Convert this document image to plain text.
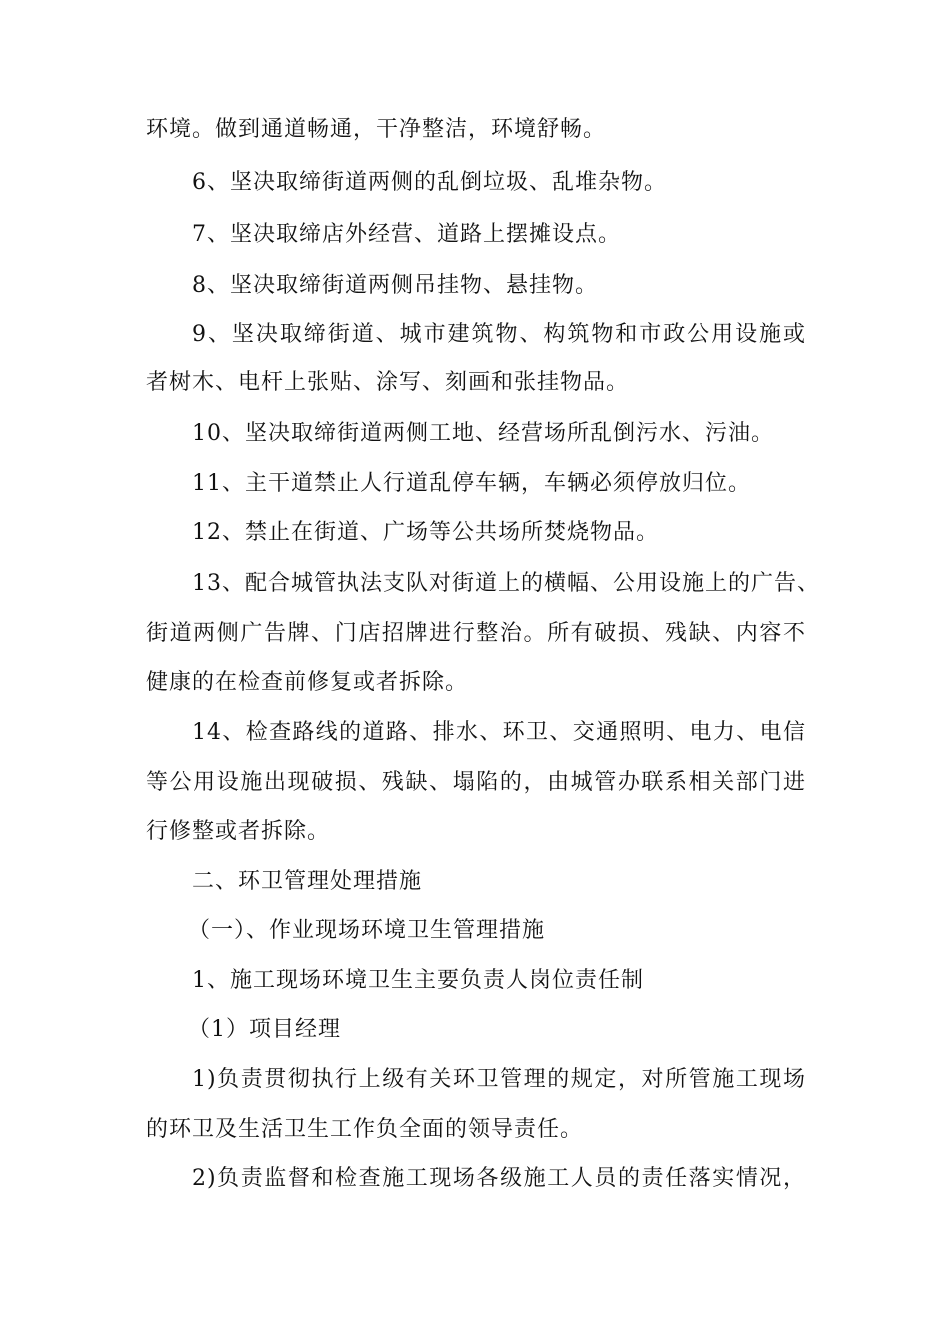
环境。做到通道畅通，干净整洁，环境舒畅。
6、坚决取缔街道两侧的乱倒垃圾、乱堆杂物。
7、坚决取缔店外经营、道路上摆摊设点。
8、坚决取缔街道两侧吊挂物、悬挂物。
9、坚决取缔街道、城市建筑物、构筑物和市政公用设施或
者树木、电杆上张贴、涂写、刻画和张挂物品。
10、坚决取缔街道两侧工地、经营场所乱倒污水、污油。
11、主干道禁止人行道乱停车辆，车辆必须停放归位。
12、禁止在街道、广场等公共场所焚烧物品。
13、配合城管执法支队对街道上的横幅、公用设施上的广告、
街道两侧广告牌、门店招牌进行整治。所有破损、残缺、内容不
健康的在检查前修复或者拆除。
14、检查路线的道路、排水、环卫、交通照明、电力、电信
等公用设施出现破损、残缺、塌陷的，由城管办联系相关部门进
行修整或者拆除。
二、环卫管理处理措施
（一）、作业现场环境卫生管理措施
1、施工现场环境卫生主要负责人岗位责任制
（1）项目经理
1)负责贯彻执行上级有关环卫管理的规定，对所管施工现场
的环卫及生活卫生工作负全面的领导责任。
2)负责监督和检查施工现场各级施工人员的责任落实情况，
